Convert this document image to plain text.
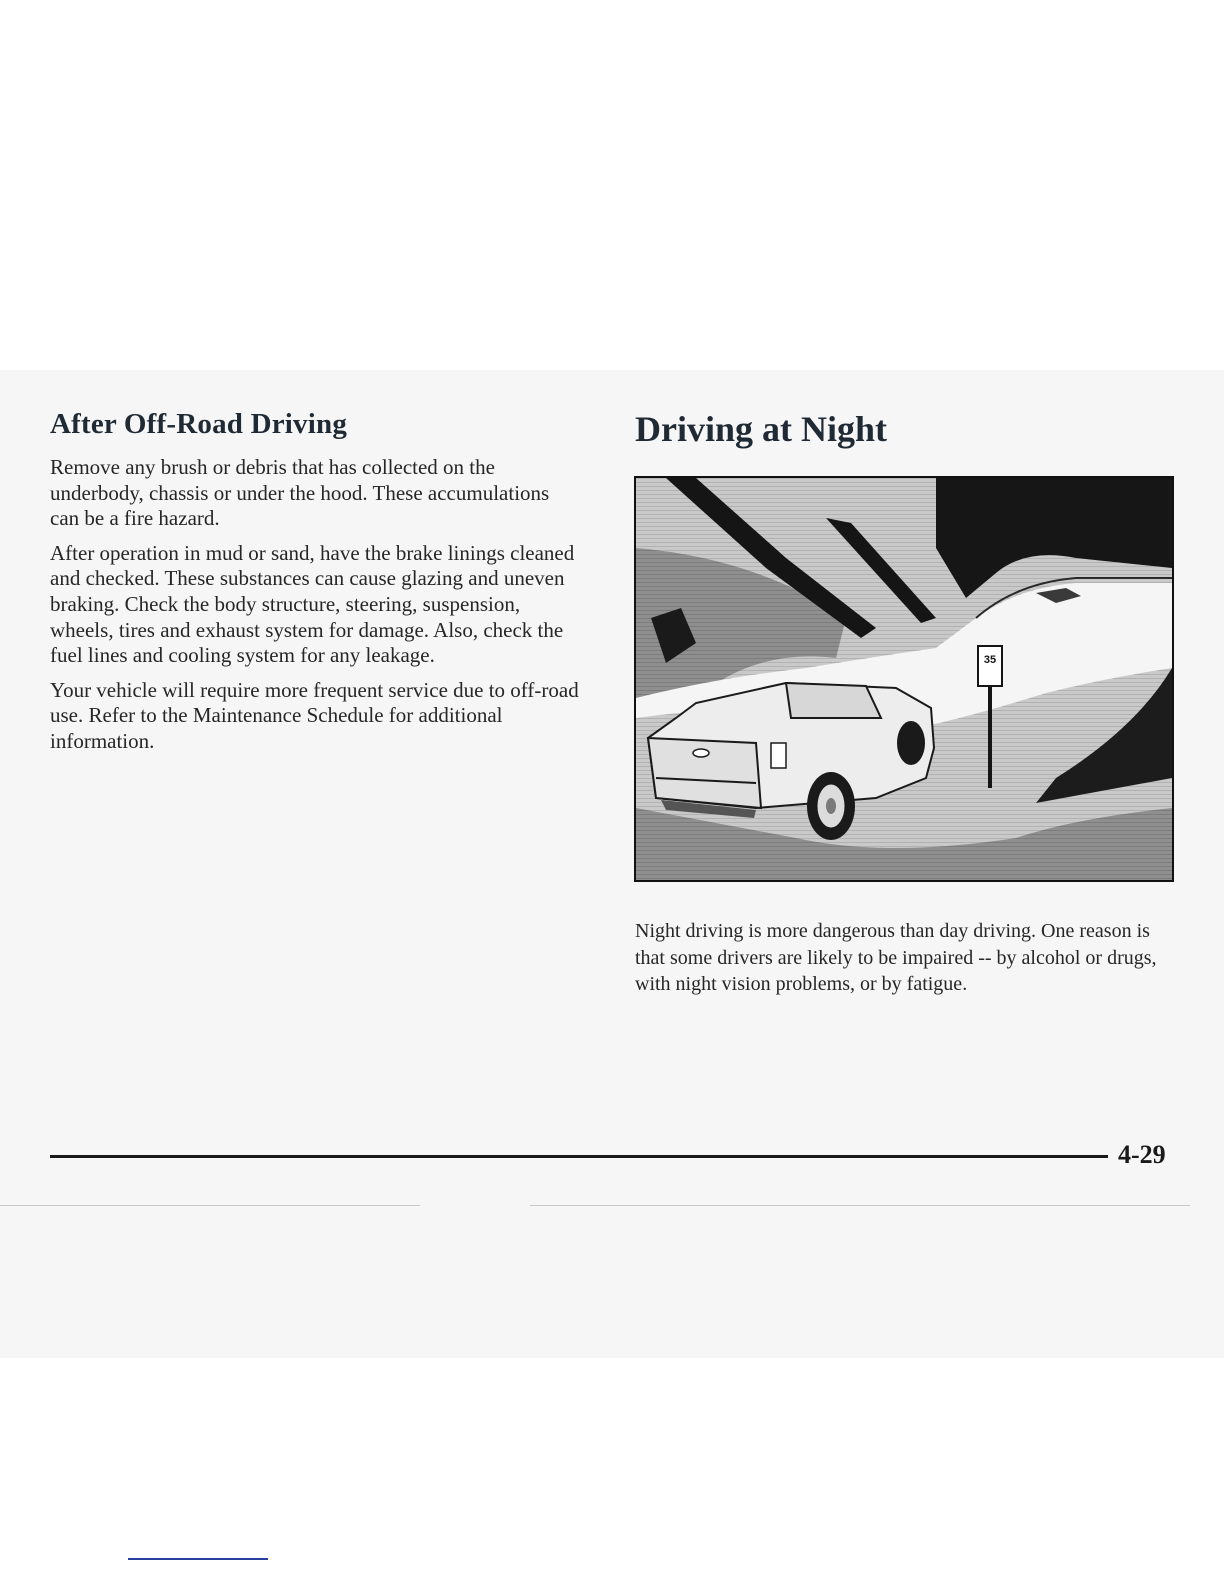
After Off-Road Driving

Remove any brush or debris that has collected on the underbody, chassis or under the hood. These accumulations can be a fire hazard.

After operation in mud or sand, have the brake linings cleaned and checked. These substances can cause glazing and uneven braking. Check the body structure, steering, suspension, wheels, tires and exhaust system for damage. Also, check the fuel lines and cooling system for any leakage.

Your vehicle will require more frequent service due to off-road use. Refer to the Maintenance Schedule for additional information.

Driving at Night
35

Night driving is more dangerous than day driving. One reason is that some drivers are likely to be impaired -- by alcohol or drugs, with night vision problems, or by fatigue.

4-29
